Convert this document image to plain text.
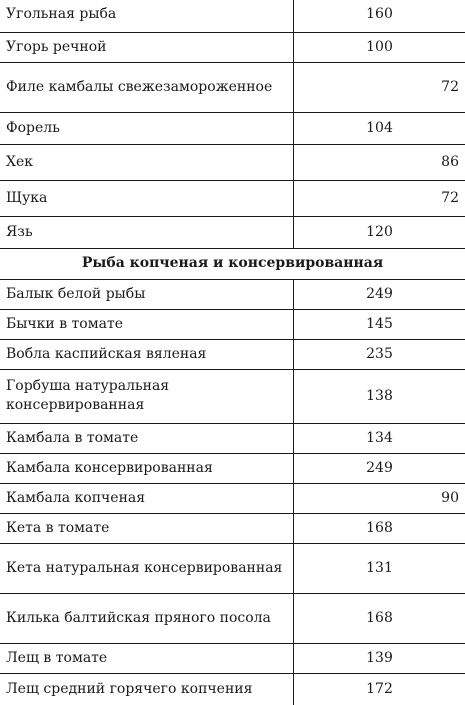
Угольная рыба	160
Угорь речной	100
Филе камбалы свежезамороженное	72
Форель	104
Хек	86
Щука	72
Язь	120
Рыба копченая и консервированная	
Балык белой рыбы	249
Бычки в томате	145
Вобла каспийская вяленая	235
Горбуша натуральная консервированная	138
Камбала в томате	134
Камбала консервированная	249
Камбала копченая	90
Кета в томате	168
Кета натуральная консервированная	131
Килька балтийская пряного посола	168
Лещ в томате	139
Лещ средний горячего копчения	172
